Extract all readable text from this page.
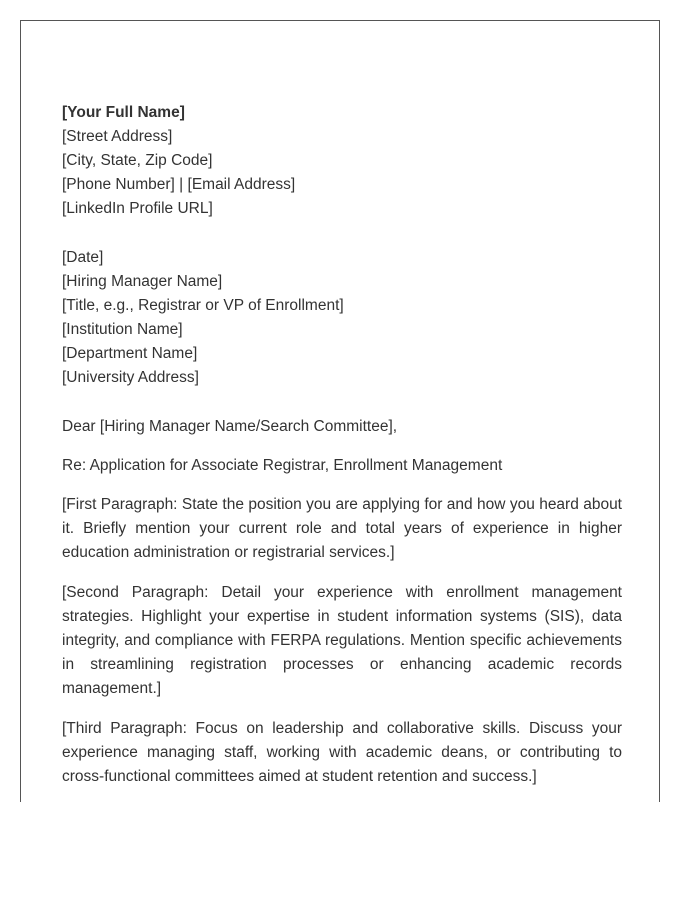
[Your Full Name]
[Street Address]
[City, State, Zip Code]
[Phone Number] | [Email Address]
[LinkedIn Profile URL]
[Date]
[Hiring Manager Name]
[Title, e.g., Registrar or VP of Enrollment]
[Institution Name]
[Department Name]
[University Address]
Dear [Hiring Manager Name/Search Committee],
Re: Application for Associate Registrar, Enrollment Management

[First Paragraph: State the position you are applying for and how you heard about it. Briefly mention your current role and total years of experience in higher education administration or registrarial services.]

[Second Paragraph: Detail your experience with enrollment management strategies. Highlight your expertise in student information systems (SIS), data integrity, and compliance with FERPA regulations. Mention specific achievements in streamlining registration processes or enhancing academic records management.]

[Third Paragraph: Focus on leadership and collaborative skills. Discuss your experience managing staff, working with academic deans, or contributing to cross-functional committees aimed at student retention and success.]
